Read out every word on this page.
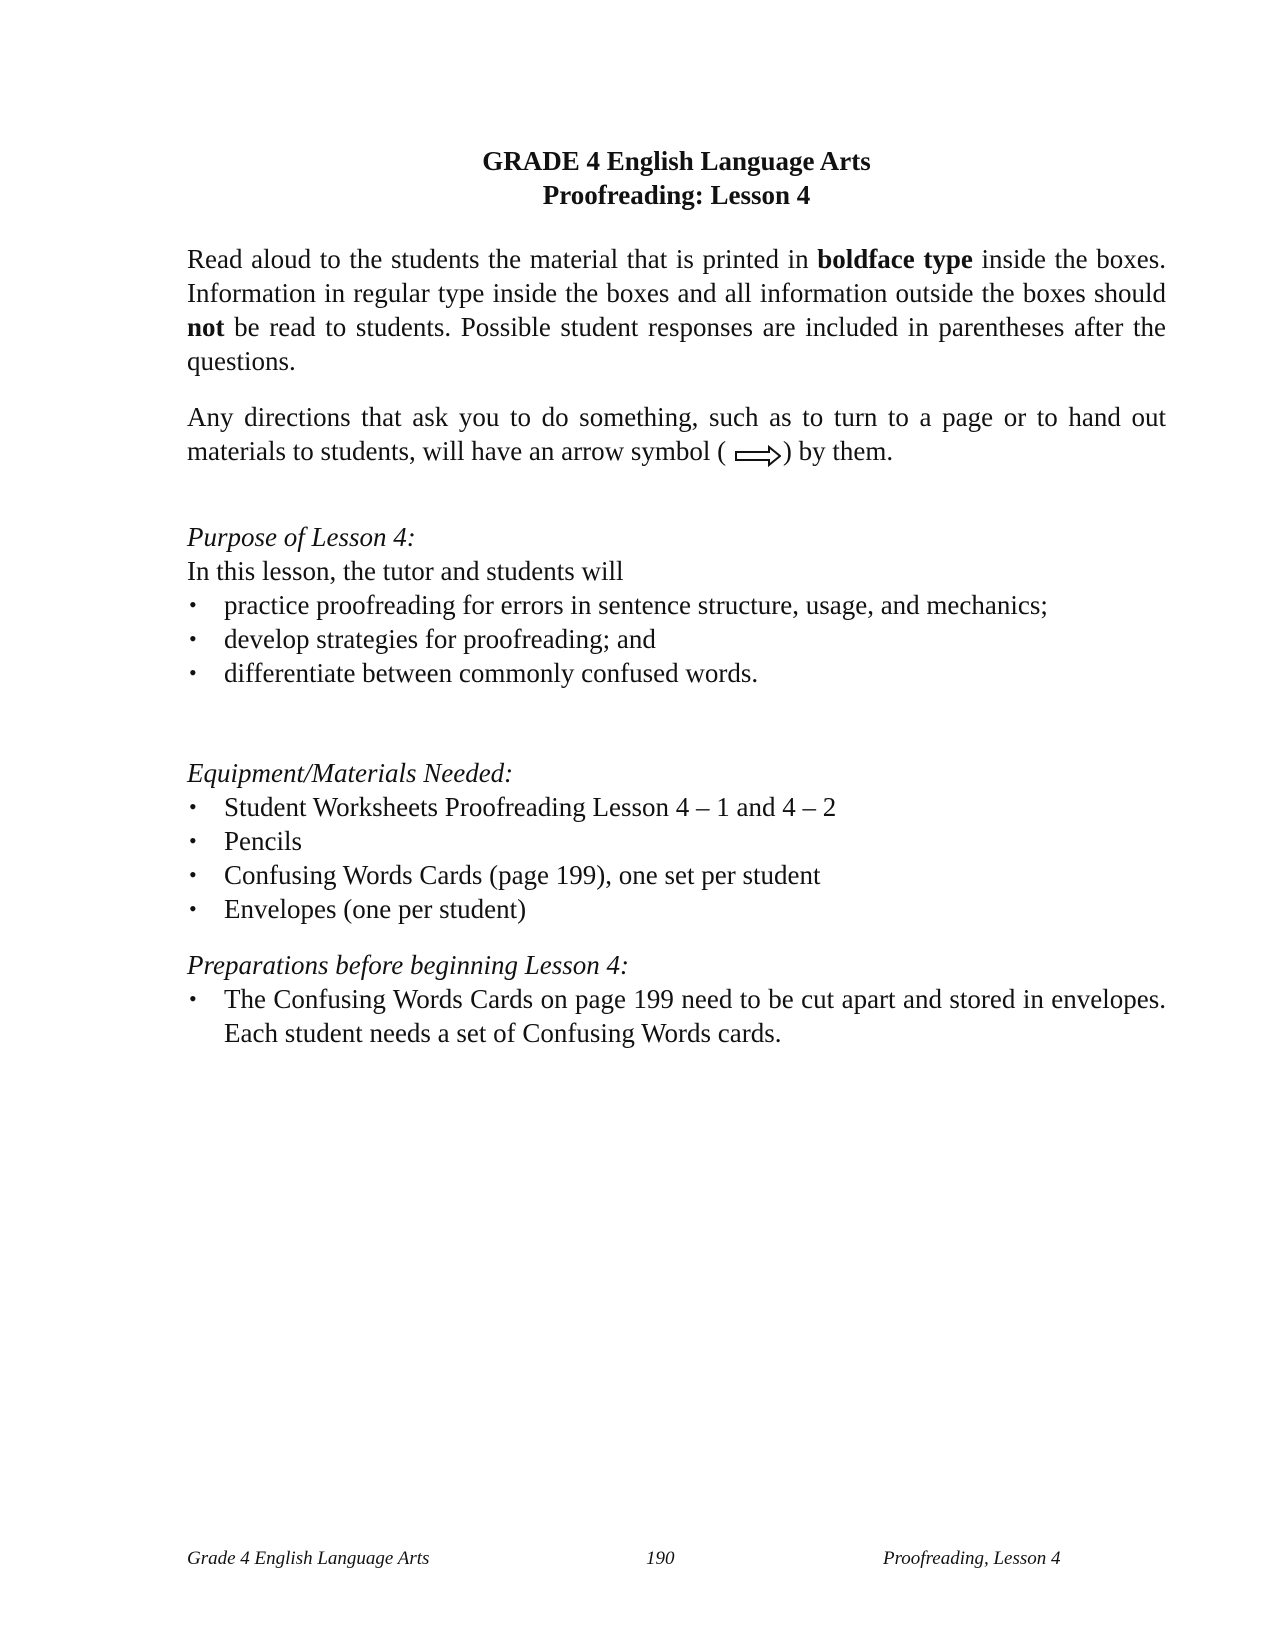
GRADE 4 English Language Arts

Proofreading: Lesson 4

Read aloud to the students the material that is printed in boldface type inside the boxes. Information in regular type inside the boxes and all information outside the boxes should not be read to students. Possible student responses are included in parentheses after the questions.

Any directions that ask you to do something, such as to turn to a page or to hand out materials to students, will have an arrow symbol ( ) by them.

Purpose of Lesson 4:

In this lesson, the tutor and students will

• practice proofreading for errors in sentence structure, usage, and mechanics;
• develop strategies for proofreading; and
• differentiate between commonly confused words.

Equipment/Materials Needed:

• Student Worksheets Proofreading Lesson 4 – 1 and 4 – 2
• Pencils
• Confusing Words Cards (page 199), one set per student
• Envelopes (one per student)

Preparations before beginning Lesson 4:

• The Confusing Words Cards on page 199 need to be cut apart and stored in envelopes. Each student needs a set of Confusing Words cards.
Grade 4 English Language Arts	190	Proofreading, Lesson 4
